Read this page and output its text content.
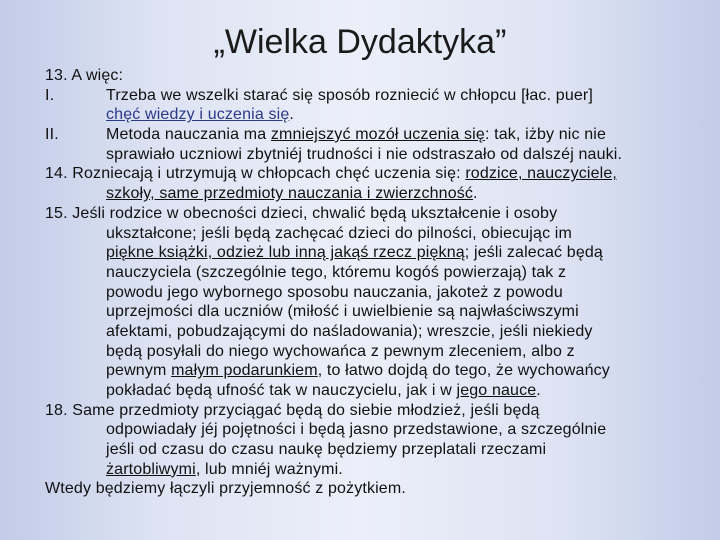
„Wielka Dydaktyka”
13. A więc:
I.	Trzeba we wszelki starać się sposób rozniecić w chłopcu [łac. puer]
chęć wiedzy i uczenia się.
II.	Metoda nauczania ma zmniejszyć mozół uczenia się: tak, iżby nic nie
sprawiało uczniowi zbytniéj trudności i nie odstraszało od dalszéj nauki.
14. Rozniecają i utrzymują w chłopcach chęć uczenia się: rodzice, nauczyciele,
szkoły, same przedmioty nauczania i zwierzchność.
15. Jeśli rodzice w obecności dzieci, chwalić będą ukształcenie i osoby
ukształcone; jeśli będą zachęcać dzieci do pilności, obiecując im
piękne książki, odzież lub inną jakąś rzecz piękną; jeśli zalecać będą
nauczyciela (szczególnie tego, któremu kogóś powierzają) tak z
powodu jego wybornego sposobu nauczania, jakoteż z powodu
uprzejmości dla uczniów (miłość i uwielbienie są najwłaściwszymi
afektami, pobudzającymi do naśladowania); wreszcie, jeśli niekiedy
będą posyłali do niego wychowańca z pewnym zleceniem, albo z
pewnym małym podarunkiem, to łatwo dojdą do tego, że wychowańcy
pokładać będą ufność tak w nauczycielu, jak i w jego nauce.
18. Same przedmioty przyciągać będą do siebie młodzież, jeśli będą
odpowiadały jéj pojętności i będą jasno przedstawione, a szczególnie
jeśli od czasu do czasu naukę będziemy przeplatali rzeczami
żartobliwymi, lub mniéj ważnymi.
Wtedy będziemy łączyli przyjemność z pożytkiem.
